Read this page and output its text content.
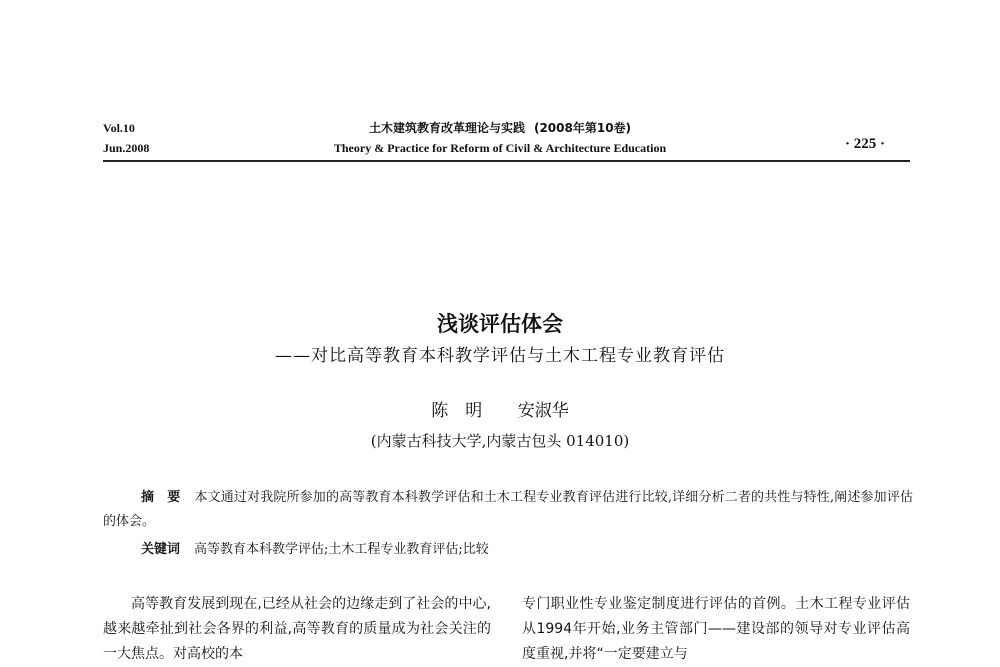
Vol.10
Jun.2008
土木建筑教育改革理论与实践 (2008年第10卷)
Theory & Practice for Reform of Civil & Architecture Education	· 225 ·
浅谈评估体会
——对比高等教育本科教学评估与土木工程专业教育评估
陈　明 安淑华
(内蒙古科技大学,内蒙古包头 014010)
摘　要 本文通过对我院所参加的高等教育本科教学评估和土木工程专业教育评估进行比较,详细分析二者的共性与特性,阐述参加评估的体会。
关键词 高等教育本科教学评估;土木工程专业教育评估;比较
高等教育发展到现在,已经从社会的边缘走到了社会的中心,越来越牵扯到社会各界的利益,高等教育的质量成为社会关注的一大焦点。对高校的本
专门职业性专业鉴定制度进行评估的首例。土木工程专业评估从1994年开始,业务主管部门——建设部的领导对专业评估高度重视,并将“一定要建立与
